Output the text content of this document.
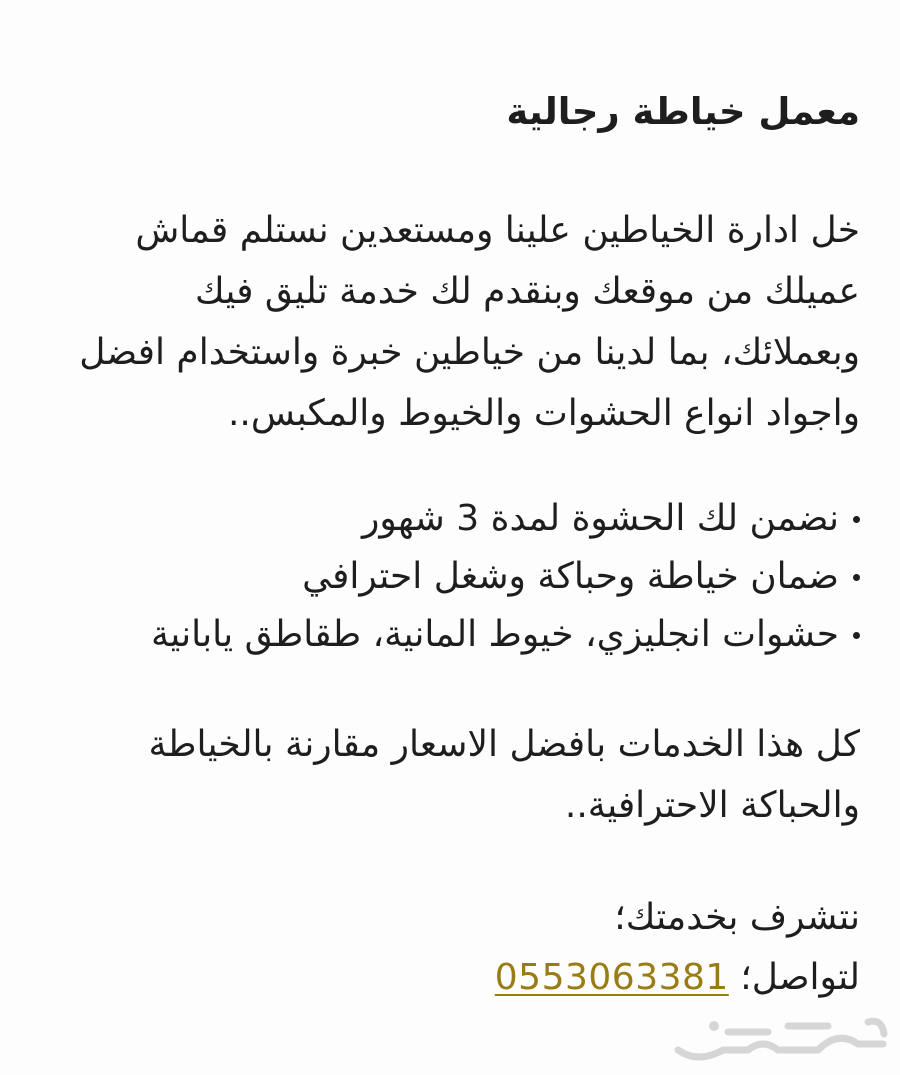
معمل خياطة رجالية
خل ادارة الخياطين علينا ومستعدين نستلم قماش
عميلك من موقعك وبنقدم لك خدمة تليق فيك
وبعملائك، بما لدينا من خياطين خبرة واستخدام افضل
واجواد انواع الحشوات والخيوط والمكبس..
نضمن لك الحشوة لمدة 3 شهور
ضمان خياطة وحباكة وشغل احترافي
حشوات انجليزي، خيوط المانية، طقاطق يابانية
كل هذا الخدمات بافضل الاسعار مقارنة بالخياطة
والحباكة الاحترافية..
نتشرف بخدمتك؛
لتواصل؛ 0553063381
